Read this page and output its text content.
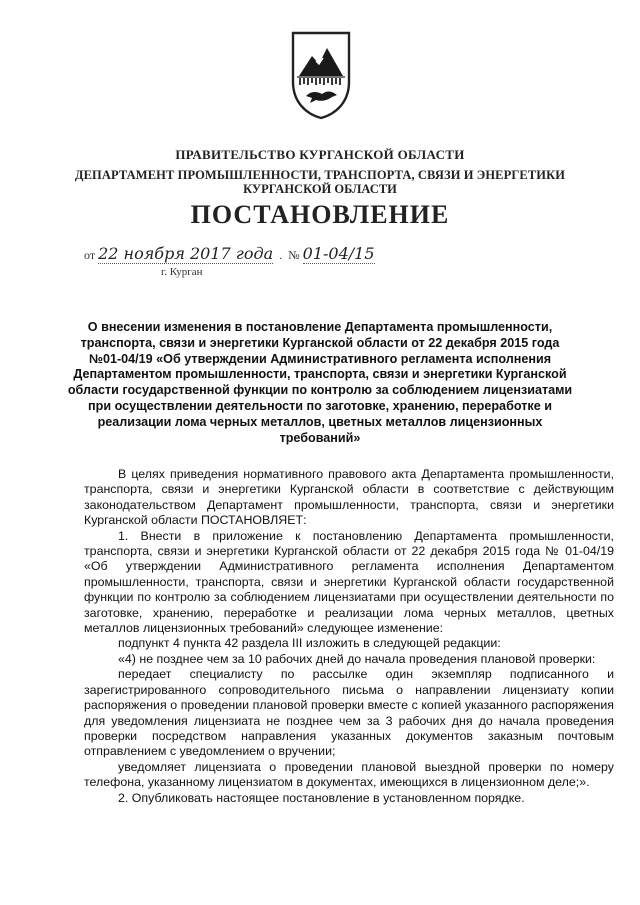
ПРАВИТЕЛЬСТВО КУРГАНСКОЙ ОБЛАСТИ
ДЕПАРТАМЕНТ ПРОМЫШЛЕННОСТИ, ТРАНСПОРТА, СВЯЗИ И ЭНЕРГЕТИКИ
КУРГАНСКОЙ ОБЛАСТИ
ПОСТАНОВЛЕНИЕ
от 22 ноября 2017 года  .  № 01-04/15
г. Курган
О внесении изменения в постановление Департамента промышленности, транспорта, связи и энергетики Курганской области от 22 декабря 2015 года №01-04/19 «Об утверждении Административного регламента исполнения Департаментом промышленности, транспорта, связи и энергетики Курганской области государственной функции по контролю за соблюдением лицензиатами при осуществлении деятельности по заготовке, хранению, переработке и реализации лома черных металлов, цветных металлов лицензионных требований»

В целях приведения нормативного правового акта Департамента промышленности, транспорта, связи и энергетики Курганской области в соответствие с действующим законодательством Департамент промышленности, транспорта, связи и энергетики Курганской области ПОСТАНОВЛЯЕТ:

1. Внести в приложение к постановлению Департамента промышленности, транспорта, связи и энергетики Курганской области от 22 декабря 2015 года № 01-04/19 «Об утверждении Административного регламента исполнения Департаментом промышленности, транспорта, связи и энергетики Курганской области государственной функции по контролю за соблюдением лицензиатами при осуществлении деятельности по заготовке, хранению, переработке и реализации лома черных металлов, цветных металлов лицензионных требований» следующее изменение:

подпункт 4 пункта 42 раздела III изложить в следующей редакции:

«4) не позднее чем за 10 рабочих дней до начала проведения плановой проверки:

передает специалисту по рассылке один экземпляр подписанного и зарегистрированного сопроводительного письма о направлении лицензиату копии распоряжения о проведении плановой проверки вместе с копией указанного распоряжения для уведомления лицензиата не позднее чем за 3 рабочих дня до начала проведения проверки посредством направления указанных документов заказным почтовым отправлением с уведомлением о вручении;

уведомляет лицензиата о проведении плановой выездной проверки по номеру телефона, указанному лицензиатом в документах, имеющихся в лицензионном деле;».

2. Опубликовать настоящее постановление в установленном порядке.
